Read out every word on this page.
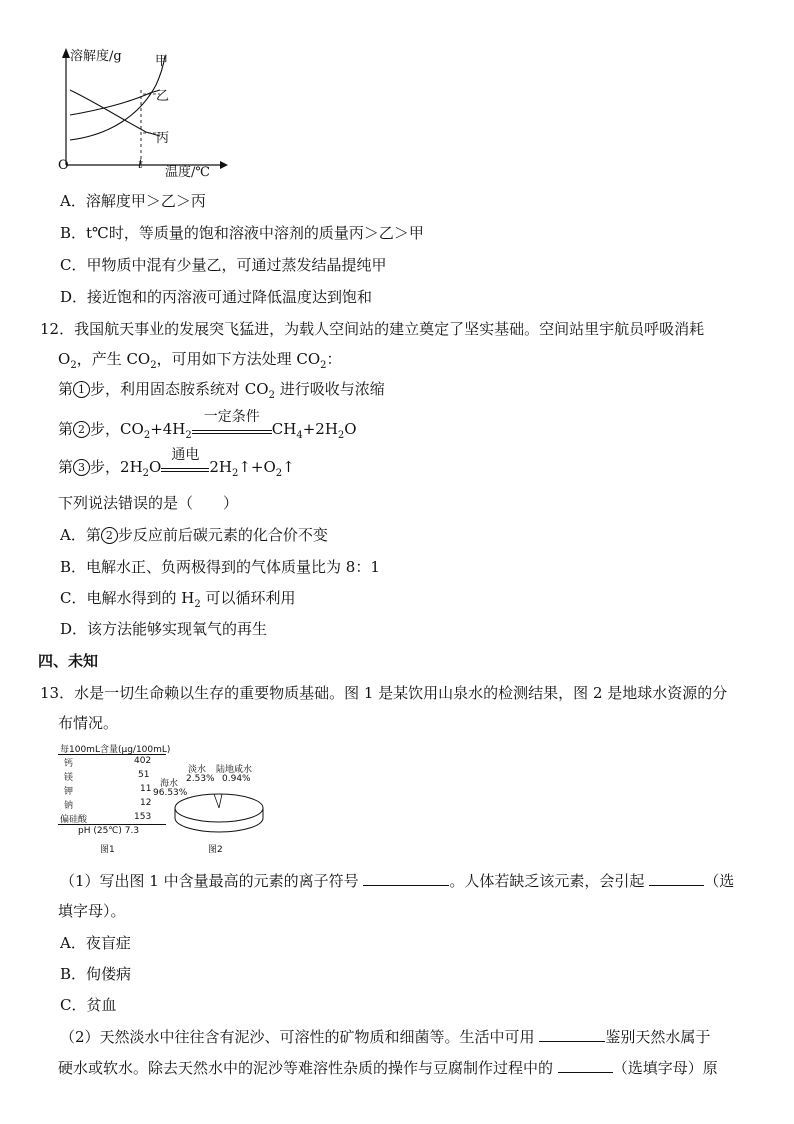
溶解度/g	甲
乙
丙
O	t
温度/℃
A．溶解度甲＞乙＞丙
B．t℃时，等质量的饱和溶液中溶剂的质量丙＞乙＞甲
C．甲物质中混有少量乙，可通过蒸发结晶提纯甲
D．接近饱和的丙溶液可通过降低温度达到饱和
12．我国航天事业的发展突飞猛进，为载人空间站的建立奠定了坚实基础。空间站里宇航员呼吸消耗
$O_2$，产生 $CO_2$，可用如下方法处理 $CO_2$：
第 1 步，利用固态胺系统对 $CO_2$ 进行吸收与浓缩
第 2 步，$CO_2+4H_2$
一定条件
$CH_4+2H_2O$
第 3 步，$2H_2O$
通电
$2H_2↑+O_2↑$
下列说法错误的是（　　）
A．第 2 步反应前后碳元素的化合价不变
B．电解水正、负两极得到的气体质量比为 8：1
C．电解水得到的 $H_2$ 可以循环利用
D．该方法能够实现氧气的再生
四、未知
13．水是一切生命赖以生存的重要物质基础。图 1 是某饮用山泉水的检测结果，图 2 是地球水资源的分
布情况。
每100mL含量(μg/100mL)
钙	402
镁	51
钾	11
钠	12
偏硅酸	153
pH (25℃) 7.3
图1
淡水
2.53%
陆地咸水
0.94%
海水
96.53%
图2
（1）写出图 1 中含量最高的元素的离子符号	。人体若缺乏该元素，会引起	（选
填字母）。
A．夜盲症
B．佝偻病
C．贫血
（2）天然淡水中往往含有泥沙、可溶性的矿物质和细菌等。生活中可用	鉴别天然水属于
硬水或软水。除去天然水中的泥沙等难溶性杂质的操作与豆腐制作过程中的	（选填字母）原
